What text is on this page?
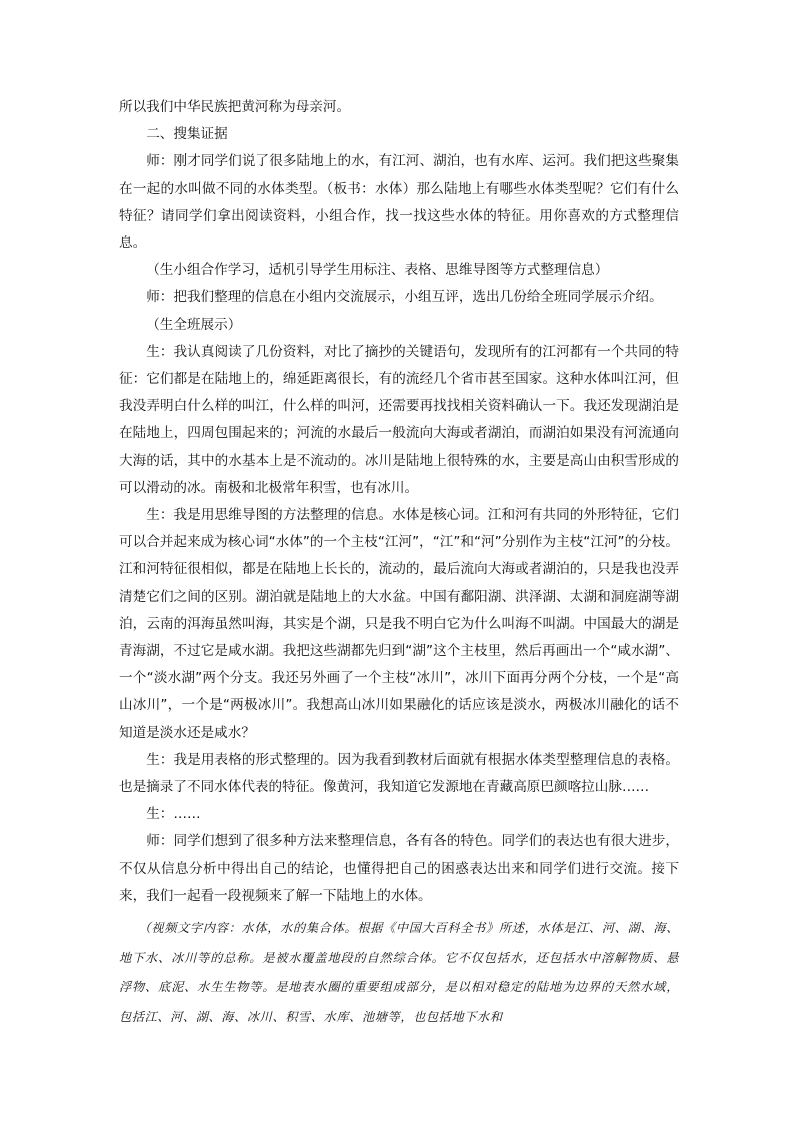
所以我们中华民族把黄河称为母亲河。

二、搜集证据

师：刚才同学们说了很多陆地上的水，有江河、湖泊，也有水库、运河。我们把这些聚集在一起的水叫做不同的水体类型。（板书：水体）那么陆地上有哪些水体类型呢？它们有什么特征？请同学们拿出阅读资料，小组合作，找一找这些水体的特征。用你喜欢的方式整理信息。

（生小组合作学习，适机引导学生用标注、表格、思维导图等方式整理信息）

师：把我们整理的信息在小组内交流展示，小组互评，选出几份给全班同学展示介绍。

（生全班展示）

生：我认真阅读了几份资料，对比了摘抄的关键语句，发现所有的江河都有一个共同的特征：它们都是在陆地上的，绵延距离很长，有的流经几个省市甚至国家。这种水体叫江河，但我没弄明白什么样的叫江，什么样的叫河，还需要再找找相关资料确认一下。我还发现湖泊是在陆地上，四周包围起来的；河流的水最后一般流向大海或者湖泊，而湖泊如果没有河流通向大海的话，其中的水基本上是不流动的。冰川是陆地上很特殊的水，主要是高山由积雪形成的可以滑动的冰。南极和北极常年积雪，也有冰川。

生：我是用思维导图的方法整理的信息。水体是核心词。江和河有共同的外形特征，它们可以合并起来成为核心词“水体”的一个主枝“江河”，“江”和“河”分别作为主枝“江河”的分枝。江和河特征很相似，都是在陆地上长长的，流动的，最后流向大海或者湖泊的，只是我也没弄清楚它们之间的区别。湖泊就是陆地上的大水盆。中国有鄱阳湖、洪泽湖、太湖和洞庭湖等湖泊，云南的洱海虽然叫海，其实是个湖，只是我不明白它为什么叫海不叫湖。中国最大的湖是青海湖，不过它是咸水湖。我把这些湖都先归到“湖”这个主枝里，然后再画出一个“咸水湖”、一个“淡水湖”两个分支。我还另外画了一个主枝“冰川”，冰川下面再分两个分枝，一个是“高山冰川”，一个是“两极冰川”。我想高山冰川如果融化的话应该是淡水，两极冰川融化的话不知道是淡水还是咸水？

生：我是用表格的形式整理的。因为我看到教材后面就有根据水体类型整理信息的表格。也是摘录了不同水体代表的特征。像黄河，我知道它发源地在青藏高原巴颜喀拉山脉……

生：……

师：同学们想到了很多种方法来整理信息，各有各的特色。同学们的表达也有很大进步，不仅从信息分析中得出自己的结论，也懂得把自己的困惑表达出来和同学们进行交流。接下来，我们一起看一段视频来了解一下陆地上的水体。

（视频文字内容：水体，水的集合体。根据《中国大百科全书》所述，水体是江、河、湖、海、地下水、冰川等的总称。是被水覆盖地段的自然综合体。它不仅包括水，还包括水中溶解物质、悬浮物、底泥、水生生物等。是地表水圈的重要组成部分，是以相对稳定的陆地为边界的天然水域，包括江、河、湖、海、冰川、积雪、水库、池塘等，也包括地下水和
